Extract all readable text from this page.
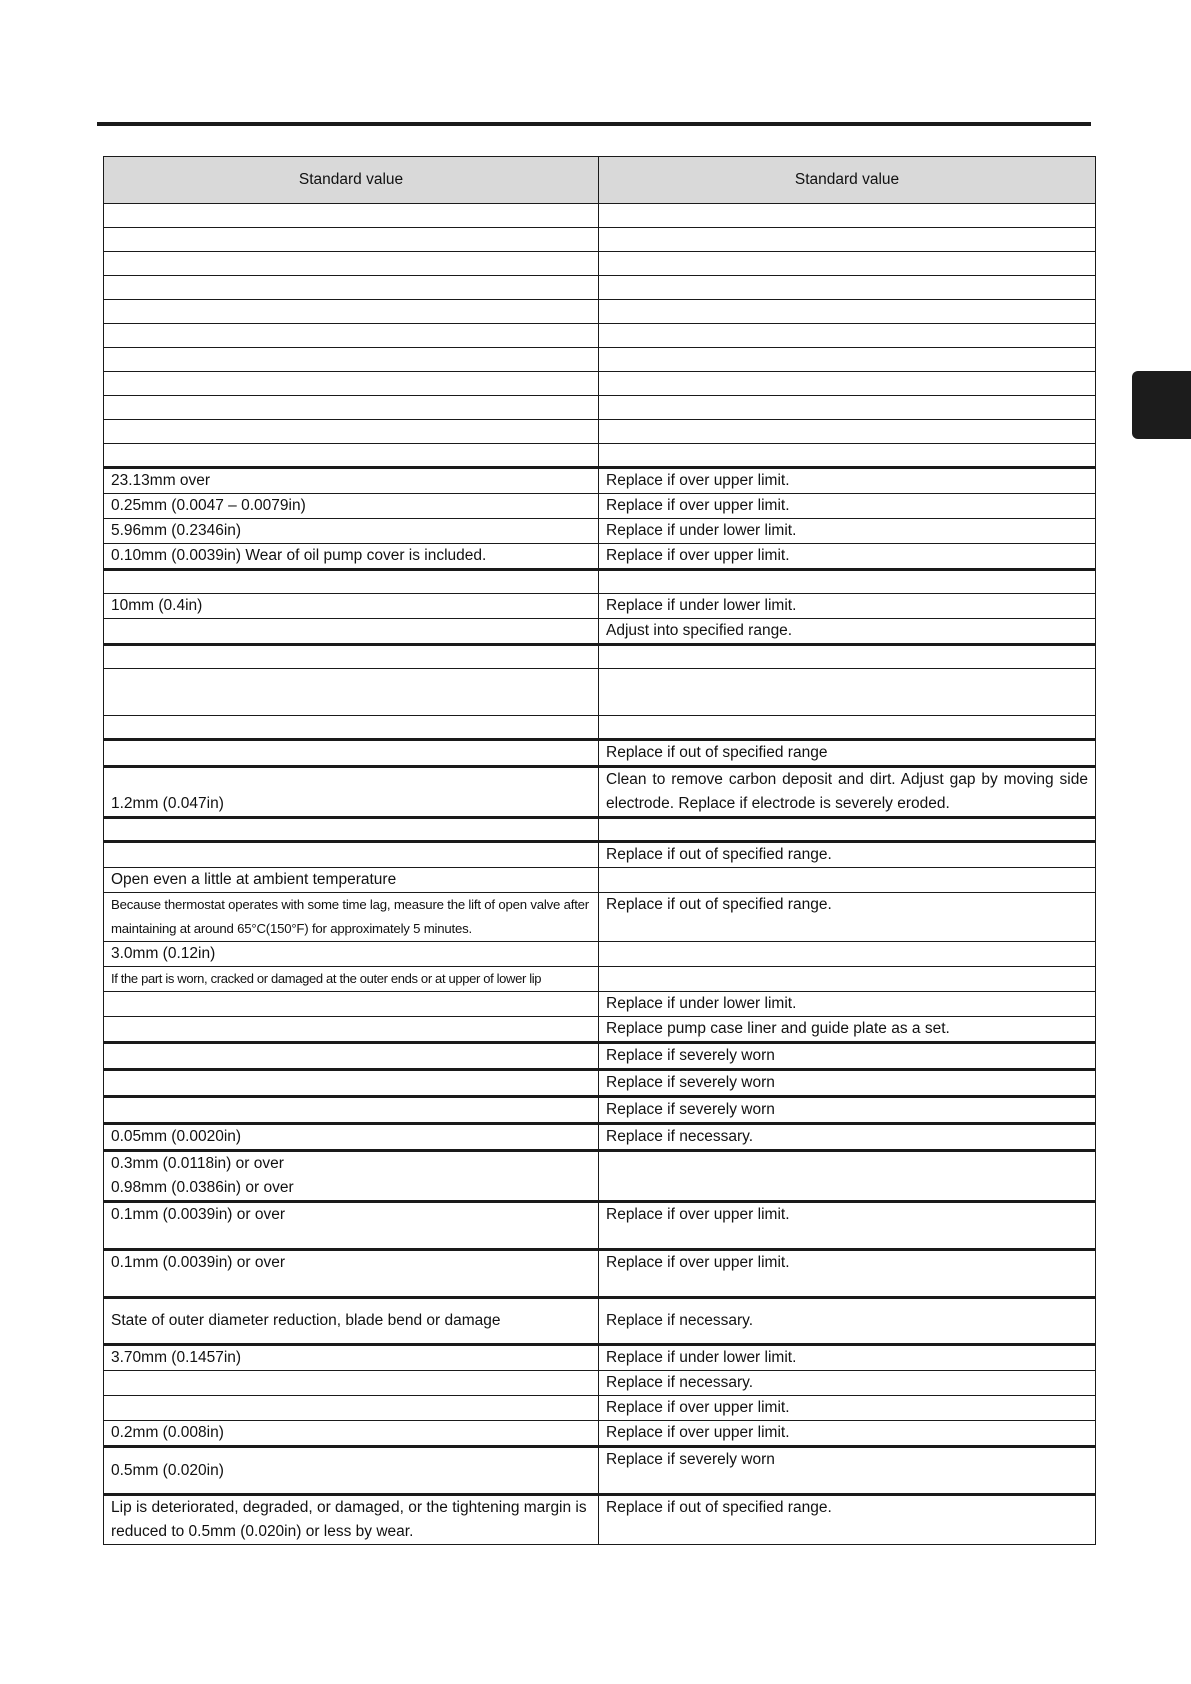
Standard value	Standard value

23.13mm over	Replace if over upper limit.
0.25mm (0.0047 – 0.0079in)	Replace if over upper limit.
5.96mm (0.2346in)	Replace if under lower limit.
0.10mm (0.0039in) Wear of oil pump cover is included.	Replace if over upper limit.

10mm (0.4in)	Replace if under lower limit.
	Adjust into specified range.

	Replace if out of specified range
1.2mm (0.047in)	Clean to remove carbon deposit and dirt. Adjust gap by moving side electrode. Replace if electrode is severely eroded.

	Replace if out of specified range.
Open even a little at ambient temperature	
Because thermostat operates with some time lag, measure the lift of open valve after maintaining at around 65°C(150°F) for approximately 5 minutes.	Replace if out of specified range.
3.0mm (0.12in)	
If the part is worn, cracked or damaged at the outer ends or at upper of lower lip	
	Replace if under lower limit.
	Replace pump case liner and guide plate as a set.
	Replace if severely worn
	Replace if severely worn
	Replace if severely worn
0.05mm (0.0020in)	Replace if necessary.

0.3mm (0.0118in) or over
0.98mm (0.0386in) or over	

0.1mm (0.0039in) or over	Replace if over upper limit.
0.1mm (0.0039in) or over	Replace if over upper limit.
State of outer diameter reduction, blade bend or damage	Replace if necessary.
3.70mm (0.1457in)	Replace if under lower limit.
	Replace if necessary.
	Replace if over upper limit.
0.2mm (0.008in)	Replace if over upper limit.
0.5mm (0.020in)	Replace if severely worn
Lip is deteriorated, degraded, or damaged, or the tightening margin is reduced to 0.5mm (0.020in) or less by wear.	Replace if out of specified range.
